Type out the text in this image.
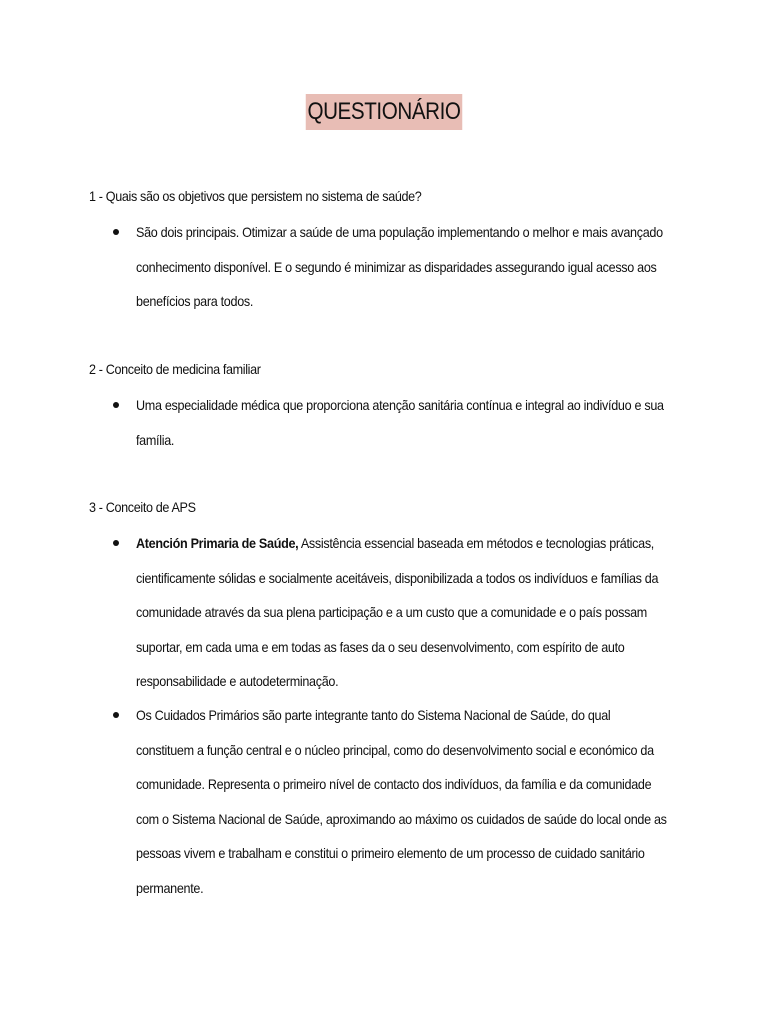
QUESTIONÁRIO
1 - Quais são os objetivos que persistem no sistema de saúde?
São dois principais. Otimizar a saúde de uma população implementando o melhor e mais avançado
conhecimento disponível. E o segundo é minimizar as disparidades assegurando igual acesso aos
benefícios para todos.
2 - Conceito de medicina familiar
Uma especialidade médica que proporciona atenção sanitária contínua e integral ao indivíduo e sua
família.
3 - Conceito de APS
Atención Primaria de Saúde, Assistência essencial baseada em métodos e tecnologias práticas,
cientificamente sólidas e socialmente aceitáveis, disponibilizada a todos os indivíduos e famílias da
comunidade através da sua plena participação e a um custo que a comunidade e o país possam
suportar, em cada uma e em todas as fases da o seu desenvolvimento, com espírito de auto
responsabilidade e autodeterminação.
Os Cuidados Primários são parte integrante tanto do Sistema Nacional de Saúde, do qual
constituem a função central e o núcleo principal, como do desenvolvimento social e económico da
comunidade. Representa o primeiro nível de contacto dos indivíduos, da família e da comunidade
com o Sistema Nacional de Saúde, aproximando ao máximo os cuidados de saúde do local onde as
pessoas vivem e trabalham e constitui o primeiro elemento de um processo de cuidado sanitário
permanente.
